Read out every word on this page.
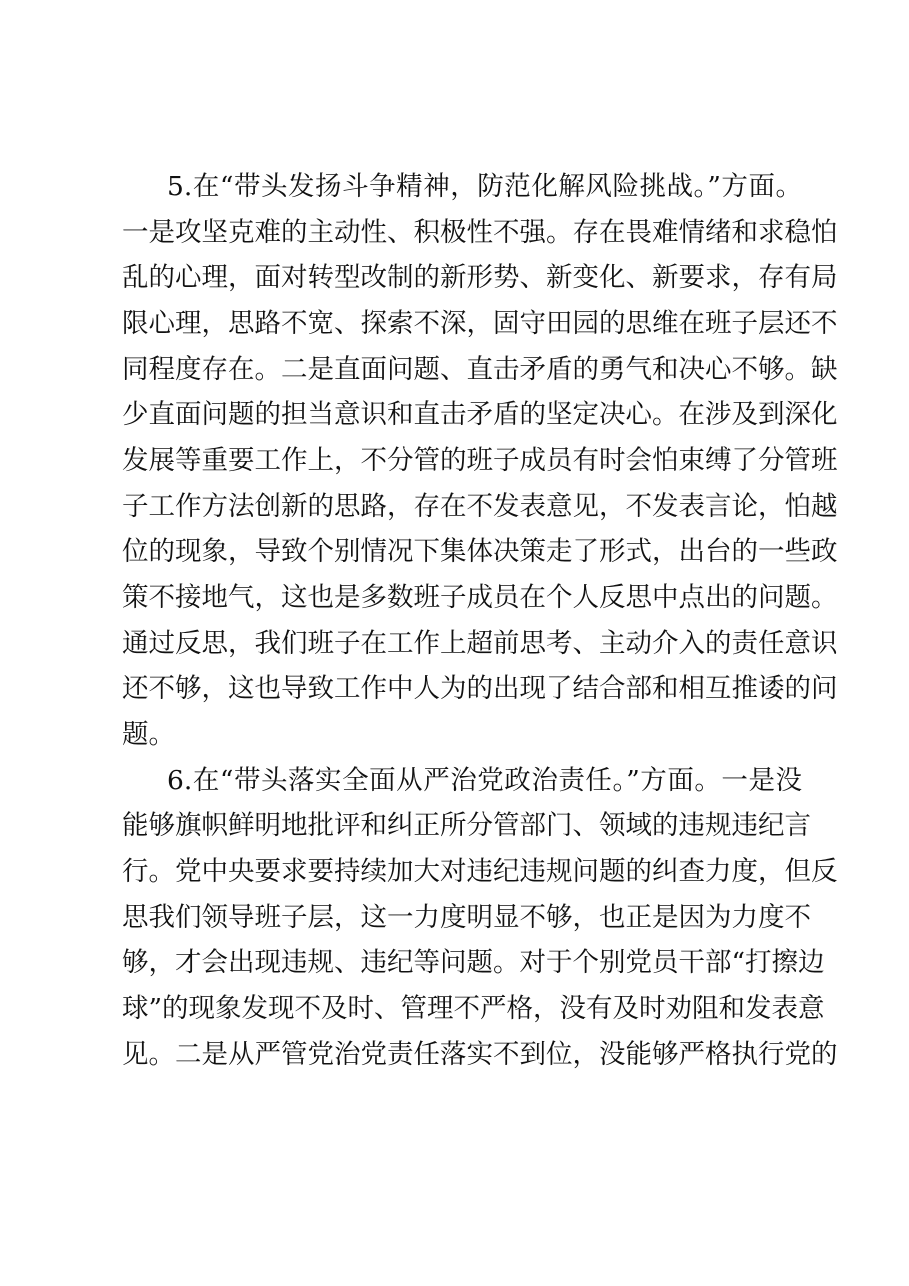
5.在“带头发扬斗争精神，防范化解风险挑战。”方面。
一是攻坚克难的主动性、积极性不强。存在畏难情绪和求稳怕
乱的心理，面对转型改制的新形势、新变化、新要求，存有局
限心理，思路不宽、探索不深，固守田园的思维在班子层还不
同程度存在。二是直面问题、直击矛盾的勇气和决心不够。缺
少直面问题的担当意识和直击矛盾的坚定决心。在涉及到深化
发展等重要工作上，不分管的班子成员有时会怕束缚了分管班
子工作方法创新的思路，存在不发表意见，不发表言论，怕越
位的现象，导致个别情况下集体决策走了形式，出台的一些政
策不接地气，这也是多数班子成员在个人反思中点出的问题。
通过反思，我们班子在工作上超前思考、主动介入的责任意识
还不够，这也导致工作中人为的出现了结合部和相互推诿的问
题。
6.在“带头落实全面从严治党政治责任。”方面。一是没
能够旗帜鲜明地批评和纠正所分管部门、领域的违规违纪言
行。党中央要求要持续加大对违纪违规问题的纠查力度，但反
思我们领导班子层，这一力度明显不够，也正是因为力度不
够，才会出现违规、违纪等问题。对于个别党员干部“打擦边
球”的现象发现不及时、管理不严格，没有及时劝阻和发表意
见。二是从严管党治党责任落实不到位，没能够严格执行党的
